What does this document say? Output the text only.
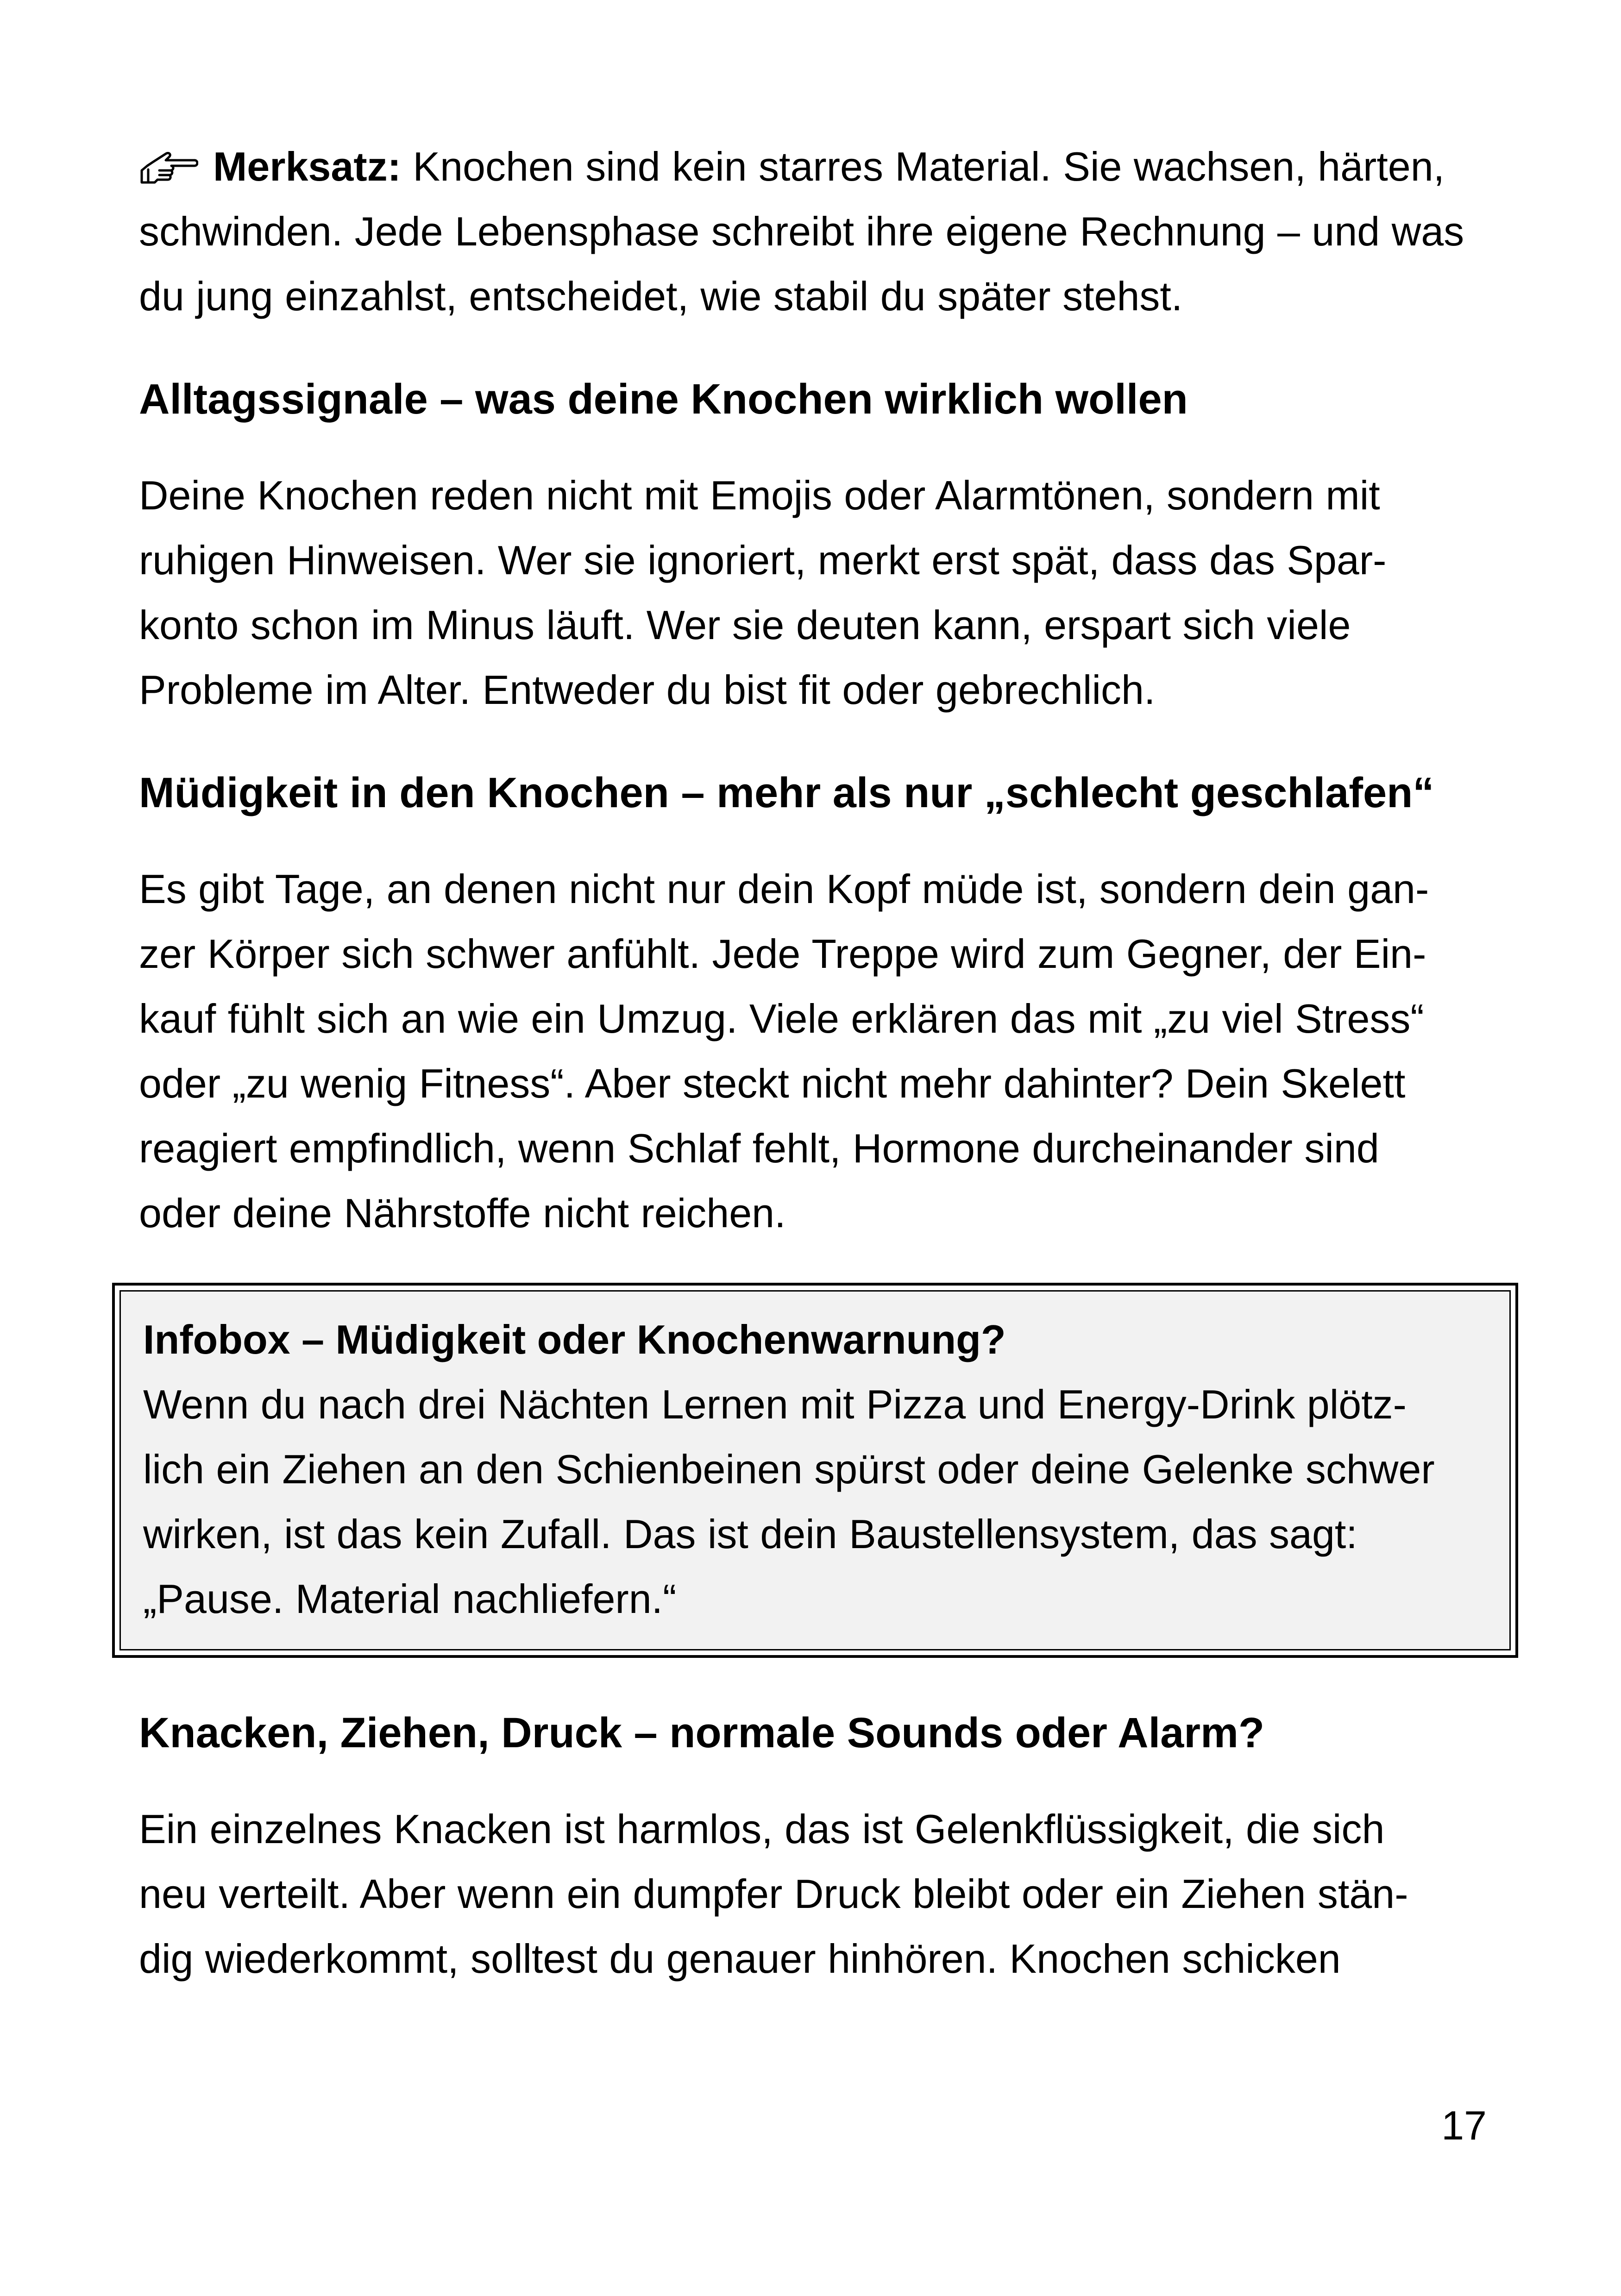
Merksatz: Knochen sind kein starres Material. Sie wachsen, härten,

schwinden. Jede Lebensphase schreibt ihre eigene Rechnung – und was

du jung einzahlst, entscheidet, wie stabil du später stehst.

Alltagssignale – was deine Knochen wirklich wollen

Deine Knochen reden nicht mit Emojis oder Alarmtönen, sondern mit

ruhigen Hinweisen. Wer sie ignoriert, merkt erst spät, dass das Spar-

konto schon im Minus läuft. Wer sie deuten kann, erspart sich viele

Probleme im Alter. Entweder du bist fit oder gebrechlich.

Müdigkeit in den Knochen – mehr als nur „schlecht geschlafen“

Es gibt Tage, an denen nicht nur dein Kopf müde ist, sondern dein gan-

zer Körper sich schwer anfühlt. Jede Treppe wird zum Gegner, der Ein-

kauf fühlt sich an wie ein Umzug. Viele erklären das mit „zu viel Stress“

oder „zu wenig Fitness“. Aber steckt nicht mehr dahinter? Dein Skelett

reagiert empfindlich, wenn Schlaf fehlt, Hormone durcheinander sind

oder deine Nährstoffe nicht reichen.

Infobox – Müdigkeit oder Knochenwarnung?

Wenn du nach drei Nächten Lernen mit Pizza und Energy-Drink plötz-

lich ein Ziehen an den Schienbeinen spürst oder deine Gelenke schwer

wirken, ist das kein Zufall. Das ist dein Baustellensystem, das sagt:

„Pause. Material nachliefern.“

Knacken, Ziehen, Druck – normale Sounds oder Alarm?

Ein einzelnes Knacken ist harmlos, das ist Gelenkflüssigkeit, die sich

neu verteilt. Aber wenn ein dumpfer Druck bleibt oder ein Ziehen stän-

dig wiederkommt, solltest du genauer hinhören. Knochen schicken

17
